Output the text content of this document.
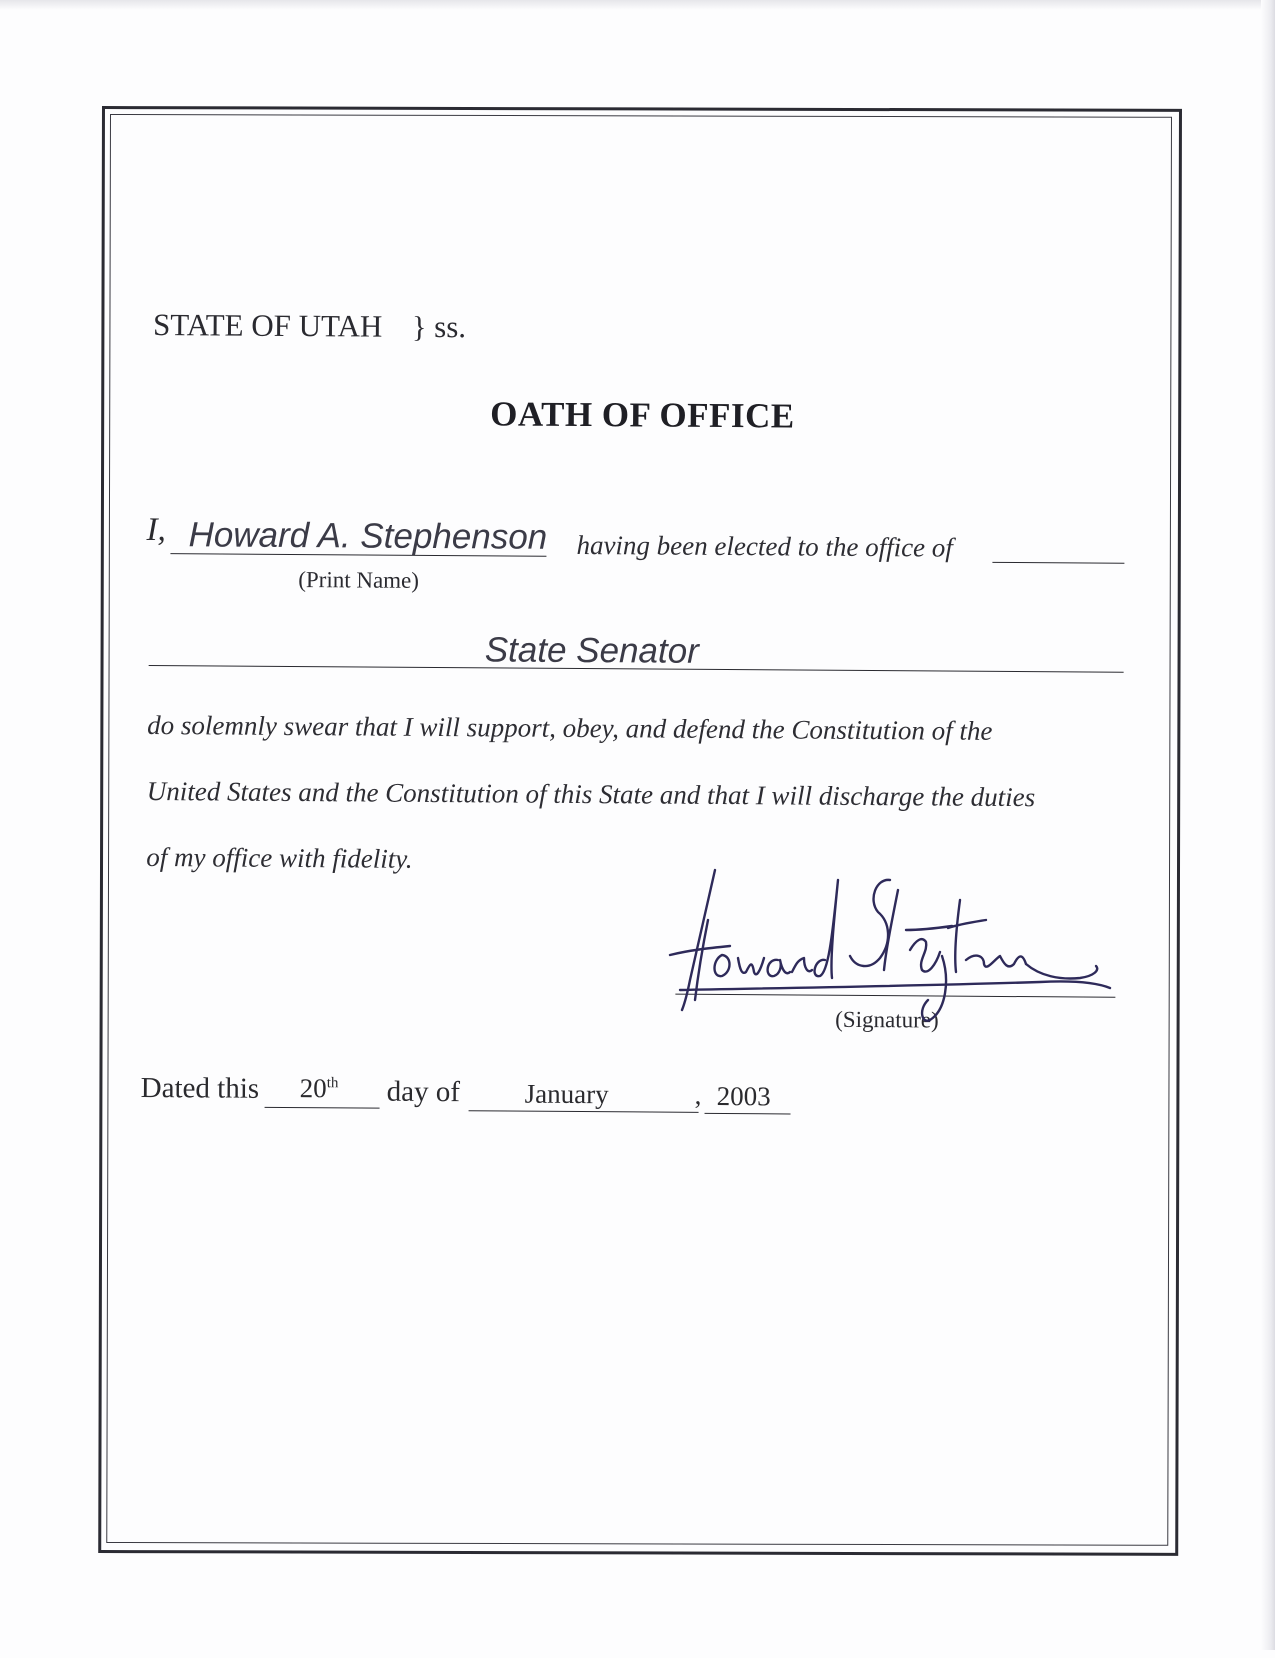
STATE OF UTAH } ss.
OATH OF OFFICE
I, Howard A. Stephenson having been elected to the office of
(Print Name)
State Senator
do solemnly swear that I will support, obey, and defend the Constitution of the
United States and the Constitution of this State and that I will discharge the duties
of my office with fidelity.
(Signature)
Dated this 20th day of January	, 2003
